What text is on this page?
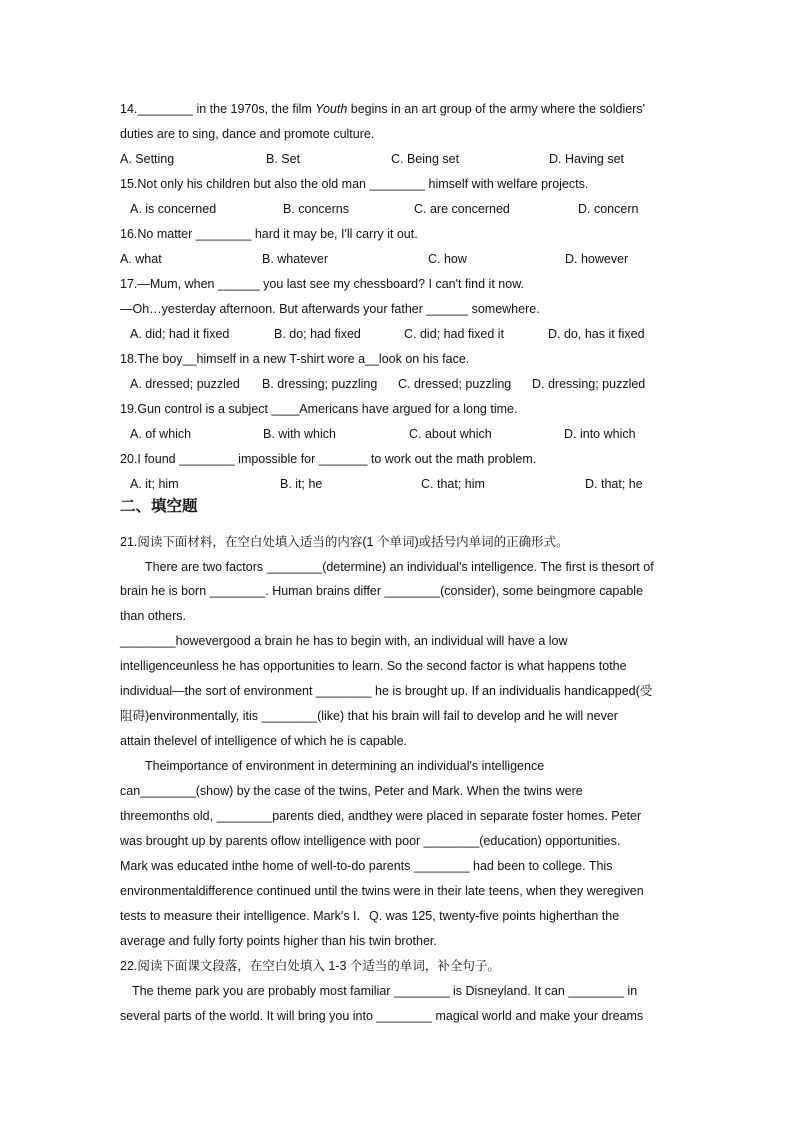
14.________ in the 1970s, the film Youth begins in an art group of the army where the soldiers'
duties are to sing, dance and promote culture.
A. Setting	B. Set	C. Being set	D. Having set
15.Not only his children but also the old man ________ himself with welfare projects.
A. is concerned	B. concerns	C. are concerned	D. concern
16.No matter ________ hard it may be, I'll carry it out.
A. what	B. whatever	C. how	D. however
17.—Mum, when ______ you last see my chessboard? I can't find it now.
—Oh…yesterday afternoon. But afterwards your father ______ somewhere.
A. did; had it fixed	B. do; had fixed	C. did; had fixed it	D. do, has it fixed
18.The boy__himself in a new T-shirt wore a__look on his face.
A. dressed; puzzled B. dressing; puzzling C. dressed; puzzling D. dressing; puzzled
19.Gun control is a subject ____Americans have argued for a long time.
A. of which	B. with which	C. about which	D. into which
20.I found ________ impossible for _______ to work out the math problem.
A. it; him	B. it; he	C. that; him	D. that; he
二、填空题
21.阅读下面材料，在空白处填入适当的内容(1 个单词)或括号内单词的正确形式。
There are two factors ________(determine) an individual's intelligence. The first is thesort of
brain he is born ________. Human brains differ ________(consider), some beingmore capable
than others.
________howevergood a brain he has to begin with, an individual will have a low
intelligenceunless he has opportunities to learn. So the second factor is what happens tothe
individual—the sort of environment ________ he is brought up. If an individualis handicapped(受
阻碍)environmentally, itis ________(like) that his brain will fail to develop and he will never
attain thelevel of intelligence of which he is capable.
Theimportance of environment in determining an individual's intelligence
can________(show) by the case of the twins, Peter and Mark. When the twins were
threemonths old, ________parents died, andthey were placed in separate foster homes. Peter
was brought up by parents oflow intelligence with poor ________(education) opportunities.
Mark was educated inthe home of well-to-do parents ________ had been to college. This
environmentaldifference continued until the twins were in their late teens, when they weregiven
tests to measure their intelligence. Mark's I．Q. was 125, twenty-five points higherthan the
average and fully forty points higher than his twin brother.
22.阅读下面课文段落，在空白处填入 1-3 个适当的单词，补全句子。
The theme park you are probably most familiar ________ is Disneyland. It can ________ in
several parts of the world. It will bring you into ________ magical world and make your dreams
